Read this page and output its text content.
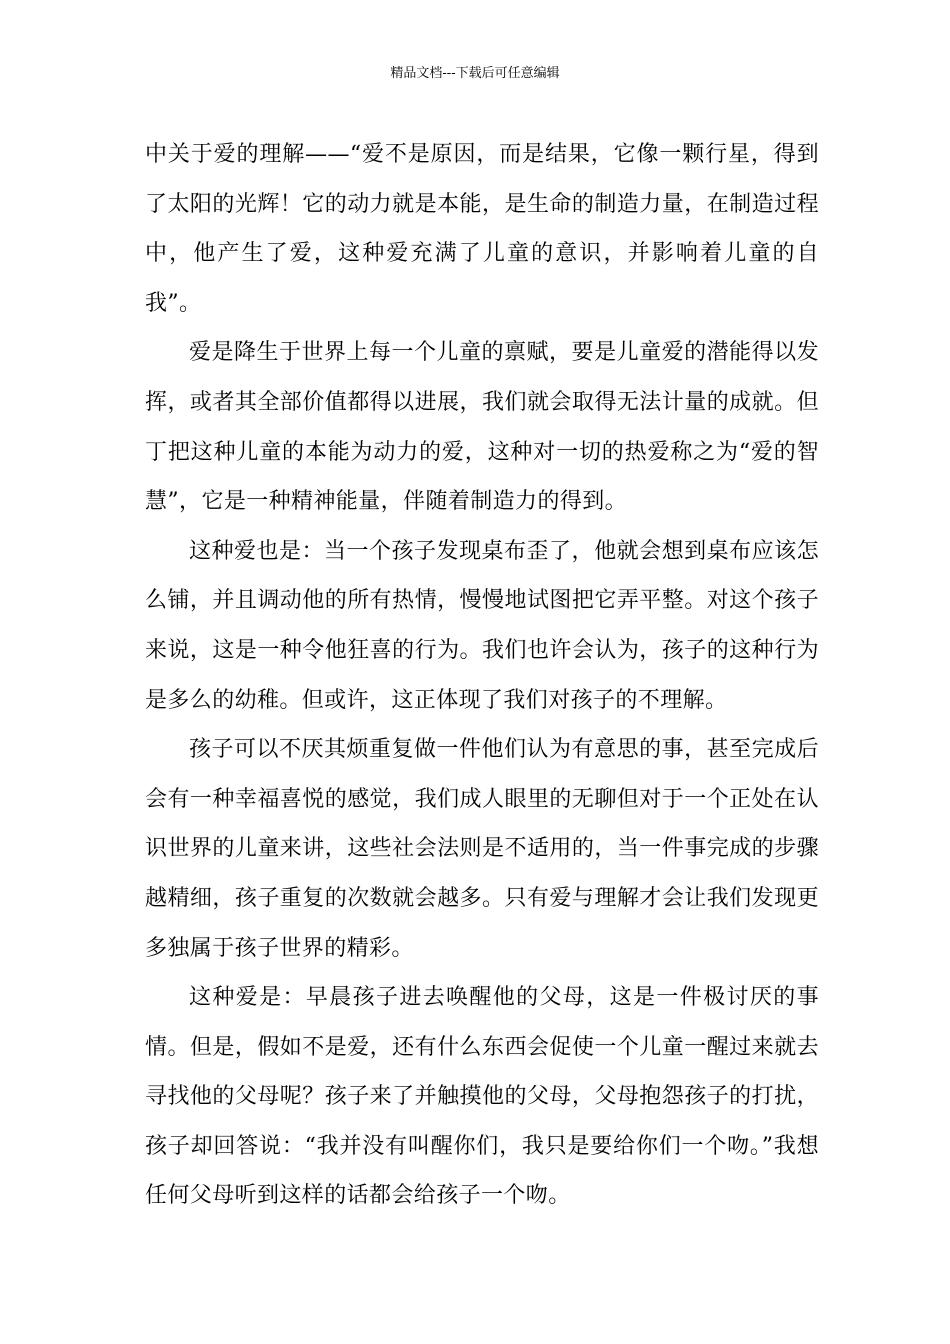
精品文档---下载后可任意编辑

中关于爱的理解——“爱不是原因，而是结果，它像一颗行星，得到了太阳的光辉！它的动力就是本能，是生命的制造力量，在制造过程中，他产生了爱，这种爱充满了儿童的意识，并影响着儿童的自我”。

爱是降生于世界上每一个儿童的禀赋，要是儿童爱的潜能得以发挥，或者其全部价值都得以进展，我们就会取得无法计量的成就。但丁把这种儿童的本能为动力的爱，这种对一切的热爱称之为“爱的智慧”，它是一种精神能量，伴随着制造力的得到。

这种爱也是：当一个孩子发现桌布歪了，他就会想到桌布应该怎么铺，并且调动他的所有热情，慢慢地试图把它弄平整。对这个孩子来说，这是一种令他狂喜的行为。我们也许会认为，孩子的这种行为是多么的幼稚。但或许，这正体现了我们对孩子的不理解。

孩子可以不厌其烦重复做一件他们认为有意思的事，甚至完成后会有一种幸福喜悦的感觉，我们成人眼里的无聊但对于一个正处在认识世界的儿童来讲，这些社会法则是不适用的，当一件事完成的步骤越精细，孩子重复的次数就会越多。只有爱与理解才会让我们发现更多独属于孩子世界的精彩。

这种爱是：早晨孩子进去唤醒他的父母，这是一件极讨厌的事情。但是，假如不是爱，还有什么东西会促使一个儿童一醒过来就去寻找他的父母呢？孩子来了并触摸他的父母，父母抱怨孩子的打扰，孩子却回答说：“我并没有叫醒你们，我只是要给你们一个吻。”我想任何父母听到这样的话都会给孩子一个吻。
